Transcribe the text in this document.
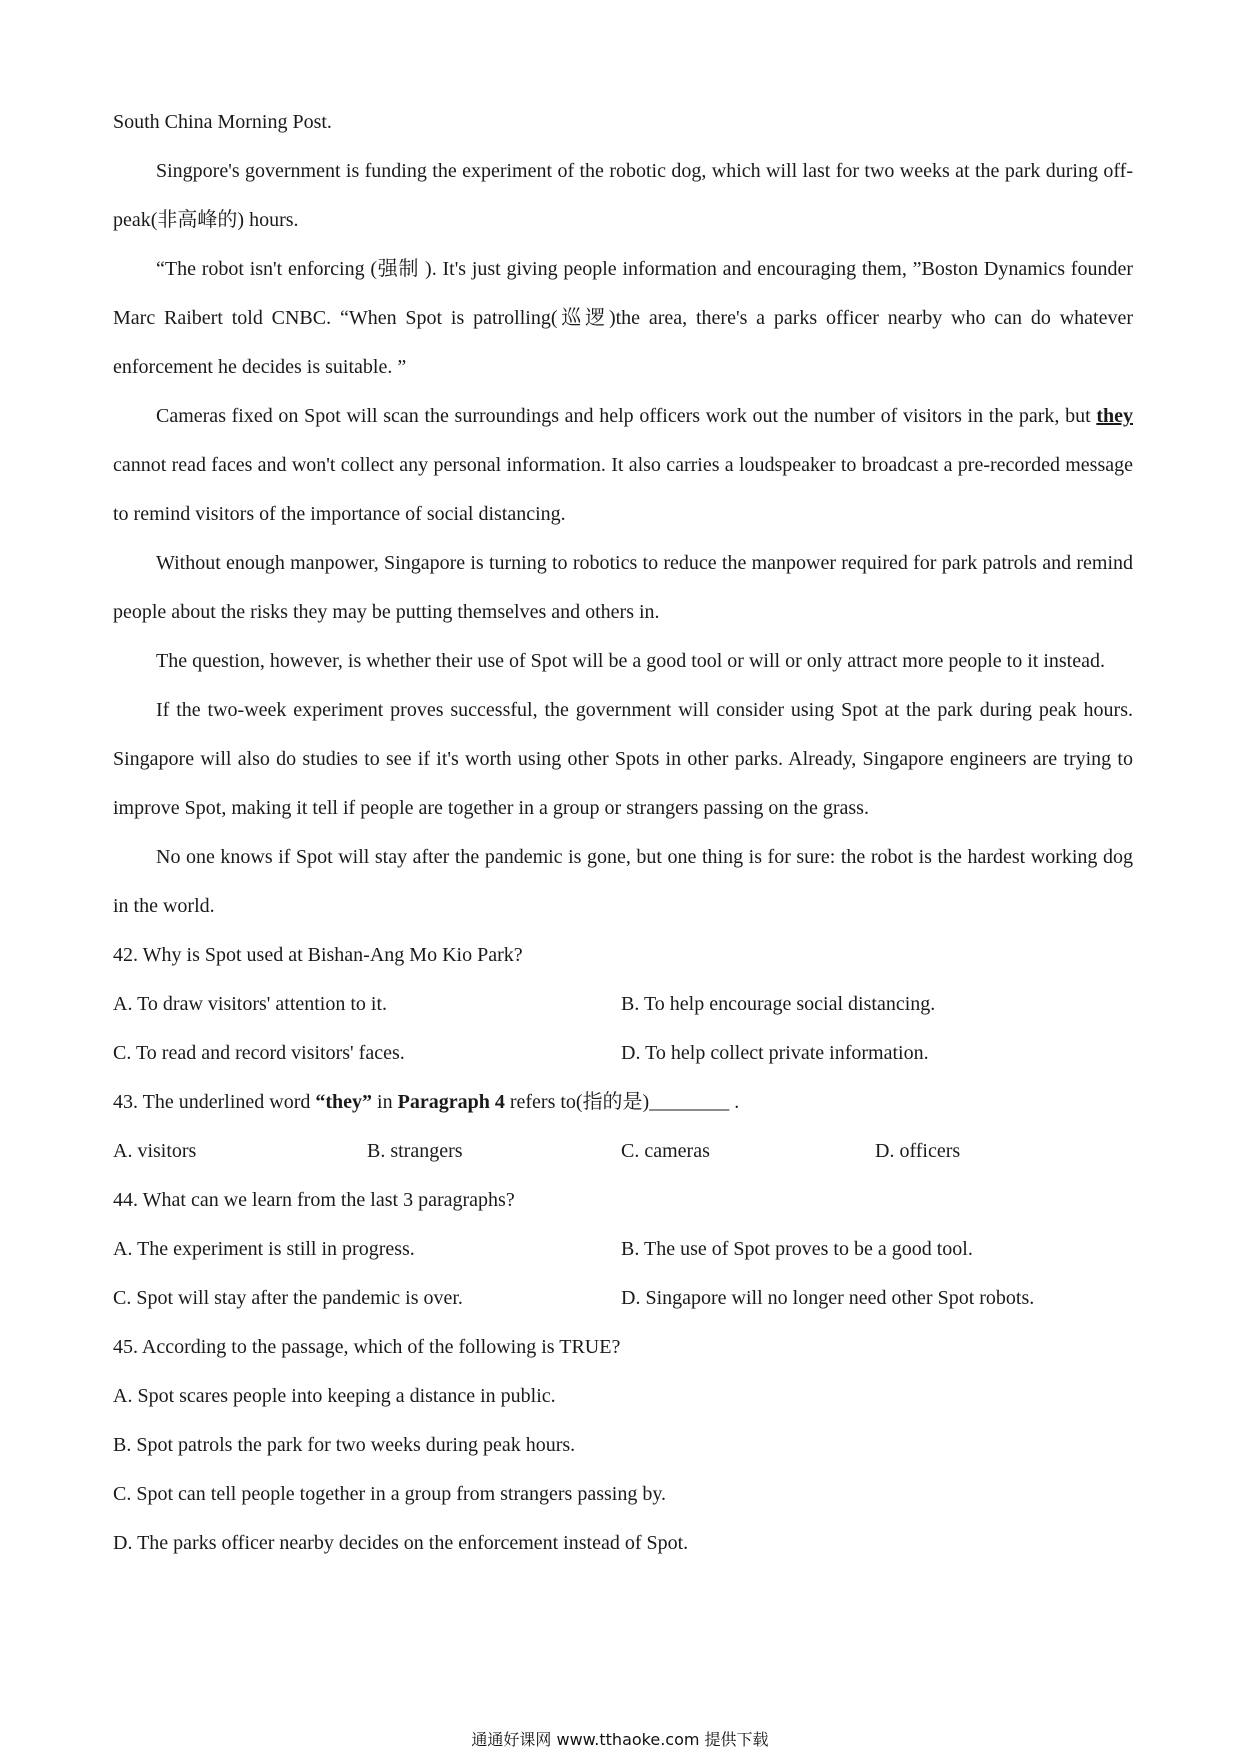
South China Morning Post.
Singpore's government is funding the experiment of the robotic dog, which will last for two weeks at the park during off-peak(非高峰的) hours.
“The robot isn't enforcing (强制 ). It's just giving people information and encouraging them, ”Boston Dynamics founder Marc Raibert told CNBC. “When Spot is patrolling(巡逻)the area, there's a parks officer nearby who can do whatever enforcement he decides is suitable. ”
Cameras fixed on Spot will scan the surroundings and help officers work out the number of visitors in the park, but they cannot read faces and won't collect any personal information. It also carries a loudspeaker to broadcast a pre-recorded message to remind visitors of the importance of social distancing.
Without enough manpower, Singapore is turning to robotics to reduce the manpower required for park patrols and remind people about the risks they may be putting themselves and others in.
The question, however, is whether their use of Spot will be a good tool or will or only attract more people to it instead.
If the two-week experiment proves successful, the government will consider using Spot at the park during peak hours. Singapore will also do studies to see if it's worth using other Spots in other parks. Already, Singapore engineers are trying to improve Spot, making it tell if people are together in a group or strangers passing on the grass.
No one knows if Spot will stay after the pandemic is gone, but one thing is for sure: the robot is the hardest working dog in the world.
42. Why is Spot used at Bishan-Ang Mo Kio Park?
A. To draw visitors' attention to it.	B. To help encourage social distancing.
C. To read and record visitors' faces.	D. To help collect private information.
43. The underlined word “they” in Paragraph 4 refers to(指的是)________ .
A. visitors	B. strangers	C. cameras	D. officers
44. What can we learn from the last 3 paragraphs?
A. The experiment is still in progress.	B. The use of Spot proves to be a good tool.
C. Spot will stay after the pandemic is over.	D. Singapore will no longer need other Spot robots.
45. According to the passage, which of the following is TRUE?
A. Spot scares people into keeping a distance in public.
B. Spot patrols the park for two weeks during peak hours.
C. Spot can tell people together in a group from strangers passing by.
D. The parks officer nearby decides on the enforcement instead of Spot.
通通好课网 www.tthaoke.com 提供下载
